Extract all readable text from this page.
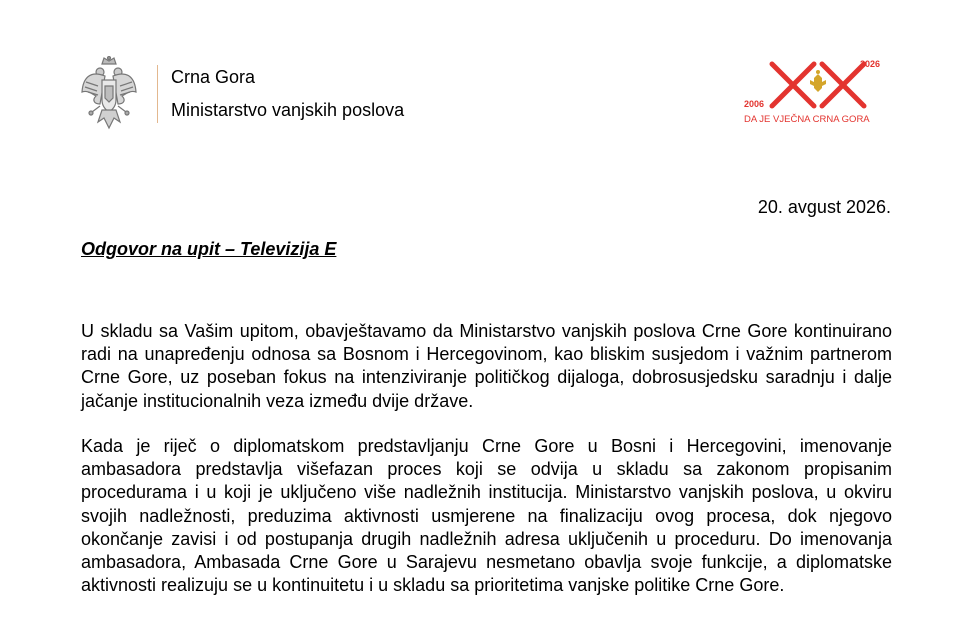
Crna Gora
Ministarstvo vanjskih poslova
2026
2006
DA JE VJEČNA CRNA GORA
20. avgust 2026.
Odgovor na upit – Televizija E

U skladu sa Vašim upitom, obavještavamo da Ministarstvo vanjskih poslova Crne Gore kontinuirano radi na unapređenju odnosa sa Bosnom i Hercegovinom, kao bliskim susjedom i važnim partnerom Crne Gore, uz poseban fokus na intenziviranje političkog dijaloga, dobrosusjedsku saradnju i dalje jačanje institucionalnih veza između dvije države.

Kada je riječ o diplomatskom predstavljanju Crne Gore u Bosni i Hercegovini, imenovanje ambasadora predstavlja višefazan proces koji se odvija u skladu sa zakonom propisanim procedurama i u koji je uključeno više nadležnih institucija. Ministarstvo vanjskih poslova, u okviru svojih nadležnosti, preduzima aktivnosti usmjerene na finalizaciju ovog procesa, dok njegovo okončanje zavisi i od postupanja drugih nadležnih adresa uključenih u proceduru. Do imenovanja ambasadora, Ambasada Crne Gore u Sarajevu nesmetano obavlja svoje funkcije, a diplomatske aktivnosti realizuju se u kontinuitetu i u skladu sa prioritetima vanjske politike Crne Gore.
